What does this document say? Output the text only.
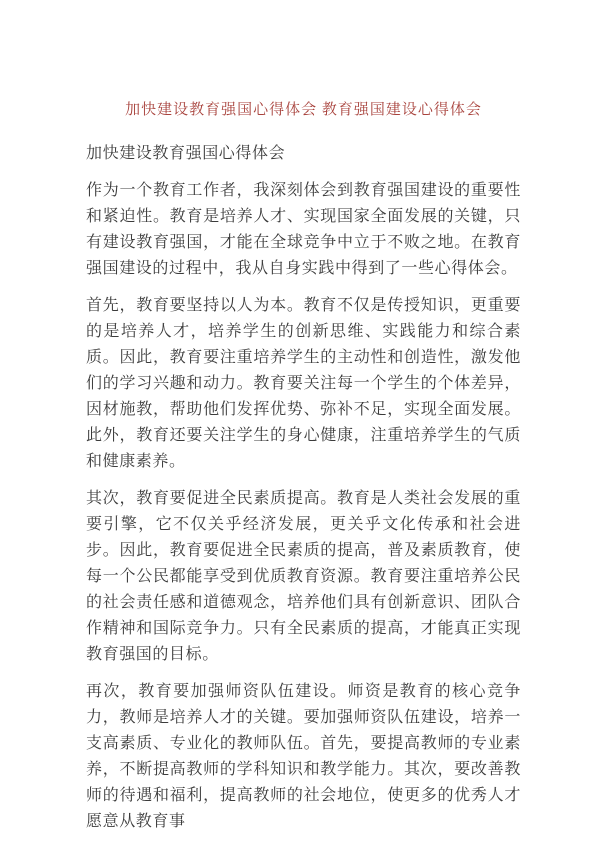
加快建设教育强国心得体会 教育强国建设心得体会
加快建设教育强国心得体会

作为一个教育工作者，我深刻体会到教育强国建设的重要性和紧迫性。教育是培养人才、实现国家全面发展的关键，只有建设教育强国，才能在全球竞争中立于不败之地。在教育强国建设的过程中，我从自身实践中得到了一些心得体会。

首先，教育要坚持以人为本。教育不仅是传授知识，更重要的是培养人才，培养学生的创新思维、实践能力和综合素质。因此，教育要注重培养学生的主动性和创造性，激发他们的学习兴趣和动力。教育要关注每一个学生的个体差异，因材施教，帮助他们发挥优势、弥补不足，实现全面发展。此外，教育还要关注学生的身心健康，注重培养学生的气质和健康素养。

其次，教育要促进全民素质提高。教育是人类社会发展的重要引擎，它不仅关乎经济发展，更关乎文化传承和社会进步。因此，教育要促进全民素质的提高，普及素质教育，使每一个公民都能享受到优质教育资源。教育要注重培养公民的社会责任感和道德观念，培养他们具有创新意识、团队合作精神和国际竞争力。只有全民素质的提高，才能真正实现教育强国的目标。

再次，教育要加强师资队伍建设。师资是教育的核心竞争力，教师是培养人才的关键。要加强师资队伍建设，培养一支高素质、专业化的教师队伍。首先，要提高教师的专业素养，不断提高教师的学科知识和教学能力。其次，要改善教师的待遇和福利，提高教师的社会地位，使更多的优秀人才愿意从教育事
